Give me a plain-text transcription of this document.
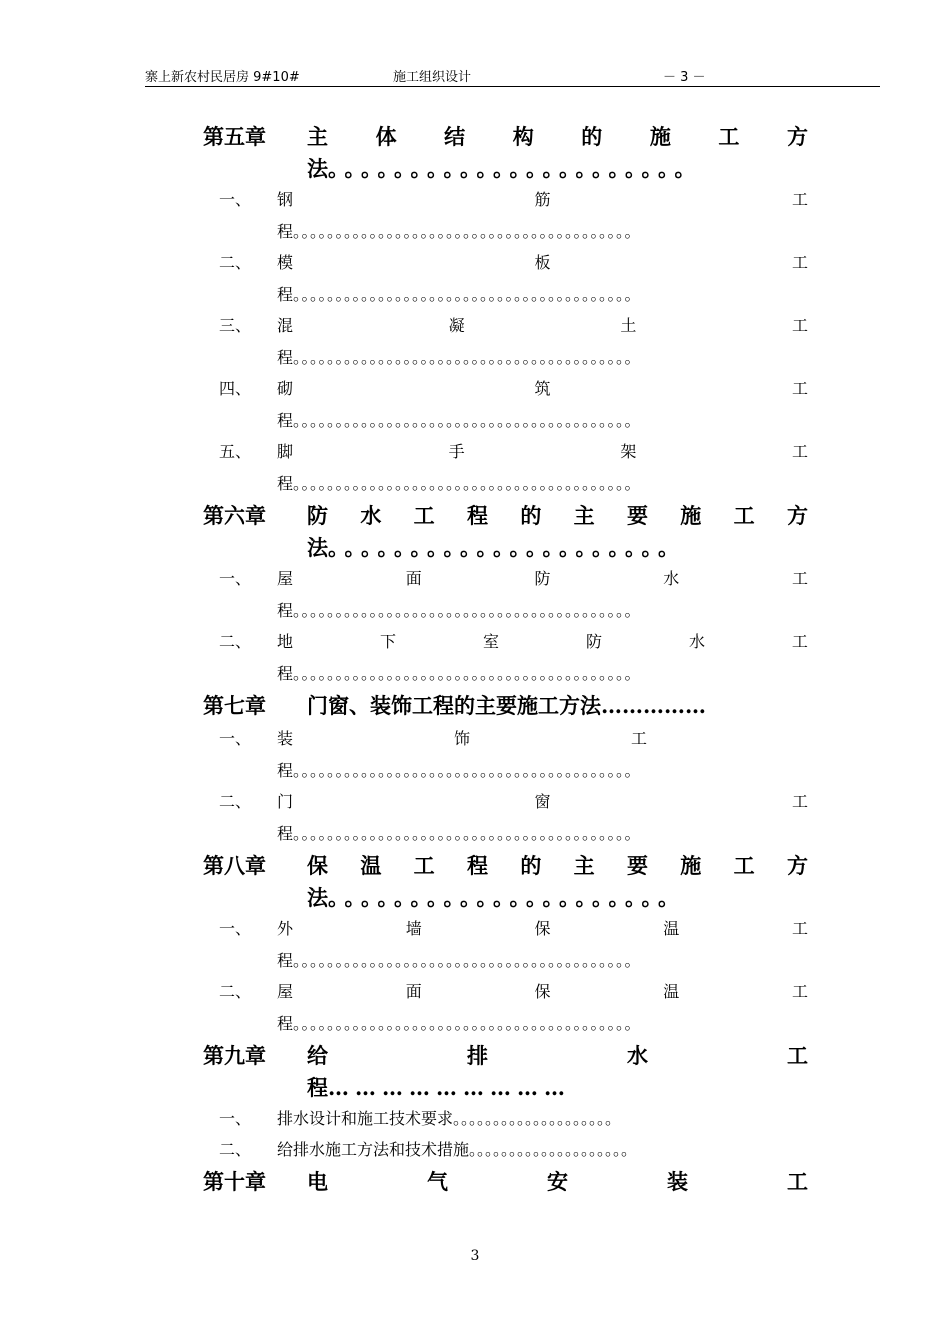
寨上新农村民居房 9#10#	施工组织设计	－ 3 －
第五章 主 体 结 构 的 施 工 方
法。。。。。。。。。。。。。。。。。。。。。。
一、 钢	筋	工
程。。。。。。。。。。。。。。。。。。。。。。。。。。。。。。。。。。。。。。。。
二、 模	板	工
程。。。。。。。。。。。。。。。。。。。。。。。。。。。。。。。。。。。。。。。。
三、 混	凝	土	工
程。。。。。。。。。。。。。。。。。。。。。。。。。。。。。。。。。。。。。。。。
四、 砌	筑	工
程。。。。。。。。。。。。。。。。。。。。。。。。。。。。。。。。。。。。。。。。
五、 脚	手	架	工
程。。。。。。。。。。。。。。。。。。。。。。。。。。。。。。。。。。。。。。。。
第六章 防 水 工 程 的 主 要 施 工 方
法。。。。。。。。。。。。。。。。。。。。。
一、 屋	面	防	水	工
程。。。。。。。。。。。。。。。。。。。。。。。。。。。。。。。。。。。。。。。。
二、 地	下	室	防	水	工
程。。。。。。。。。。。。。。。。。。。。。。。。。。。。。。。。。。。。。。。。
第七章 门窗、装饰工程的主要施工方法……………
一、 装	饰	工
程。。。。。。。。。。。。。。。。。。。。。。。。。。。。。。。。。。。。。。。。
二、 门	窗	工
程。。。。。。。。。。。。。。。。。。。。。。。。。。。。。。。。。。。。。。。。
第八章 保 温 工 程 的 主 要 施 工 方
法。。。。。。。。。。。。。。。。。。。。。
一、 外	墙	保	温	工
程。。。。。。。。。。。。。。。。。。。。。。。。。。。。。。。。。。。。。。。。
二、 屋	面	保	温	工
程。。。。。。。。。。。。。。。。。。。。。。。。。。。。。。。。。。。。。。。。
第九章 给	排	水	工
程………………………
一、 排水设计和施工技术要求。。。。。。。。。。。。。。。。。。。。
二、 给排水施工方法和技术措施。。。。。。。。。。。。。。。。。。。。
第十章 电	气	安	装	工
3
